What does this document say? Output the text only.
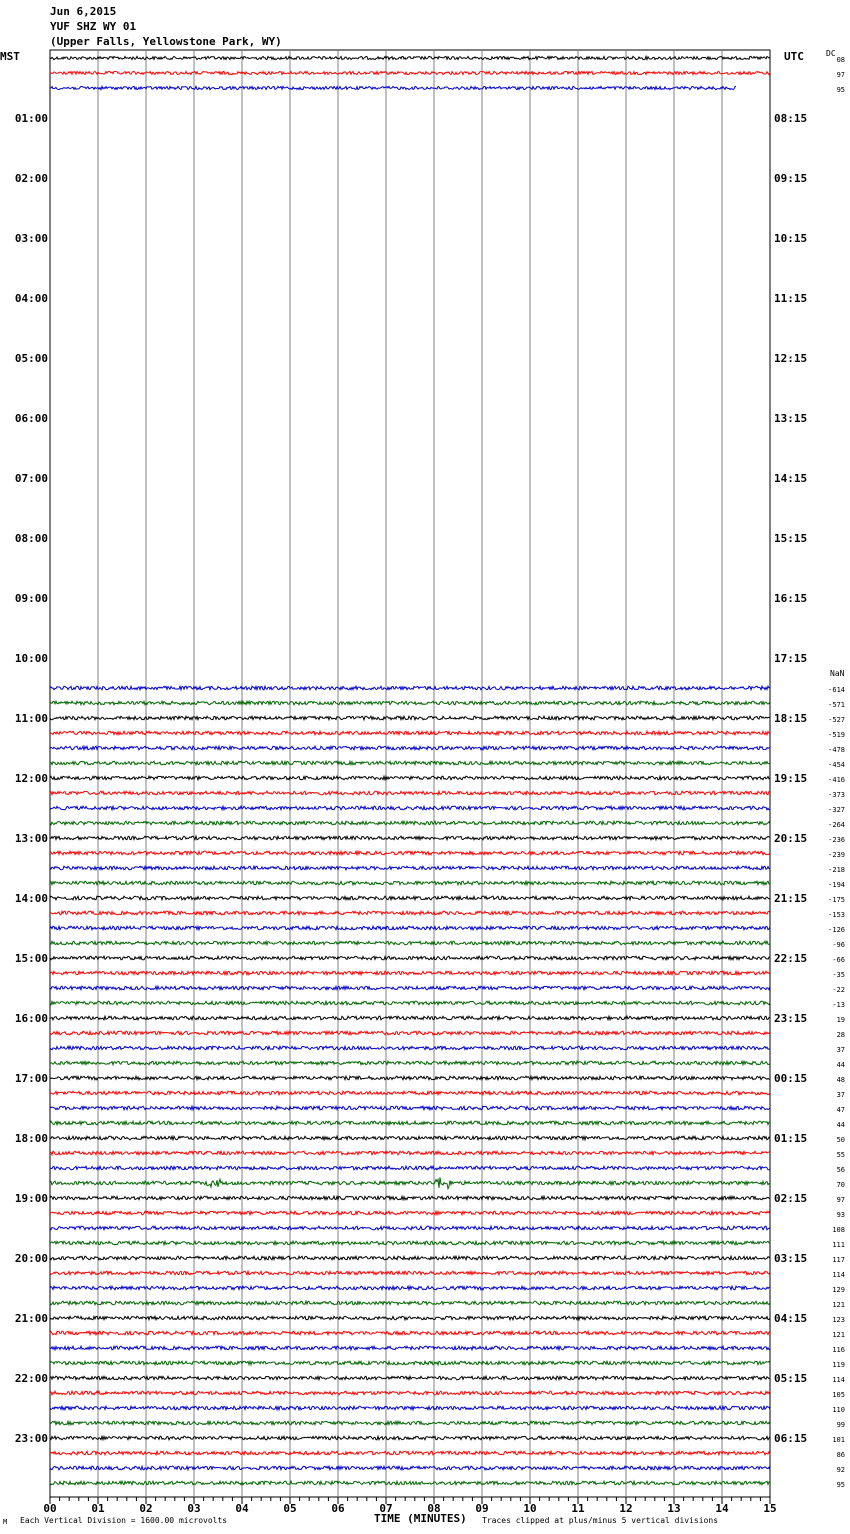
08
97
95
-614
-571
-527
-519
-478
-454
-416
-373
-327
-264
-236
-239
-218
-194
-175
-153
-126
-96
-66
-35
-22
-13
19
28
37
44
48
37
47
44
50
55
56
70
97
93
108
111
117
114
129
121
123
121
116
119
114
105
110
99
101
86
92
95
01:00	08:15
02:00	09:15
03:00	10:15
04:00	11:15
05:00	12:15
06:00	13:15
07:00	14:15
08:00	15:15
09:00	16:15
10:00	17:15
11:00	18:15
12:00	19:15
13:00	20:15
14:00	21:15
15:00	22:15
16:00	23:15
17:00	00:15
18:00	01:15
19:00	02:15
20:00	03:15
21:00	04:15
22:00	05:15
23:00	06:15
00	01	02	03	04	05	06	07	08	09	10	11	12	13	14	15
Jun 6,2015
YUF SHZ WY 01
(Upper Falls, Yellowstone Park, WY)
MST	UTC	DC
NaN
M Each Vertical Division = 1600.00 microvolts	TIME (MINUTES) Traces clipped at plus/minus 5 vertical divisions
